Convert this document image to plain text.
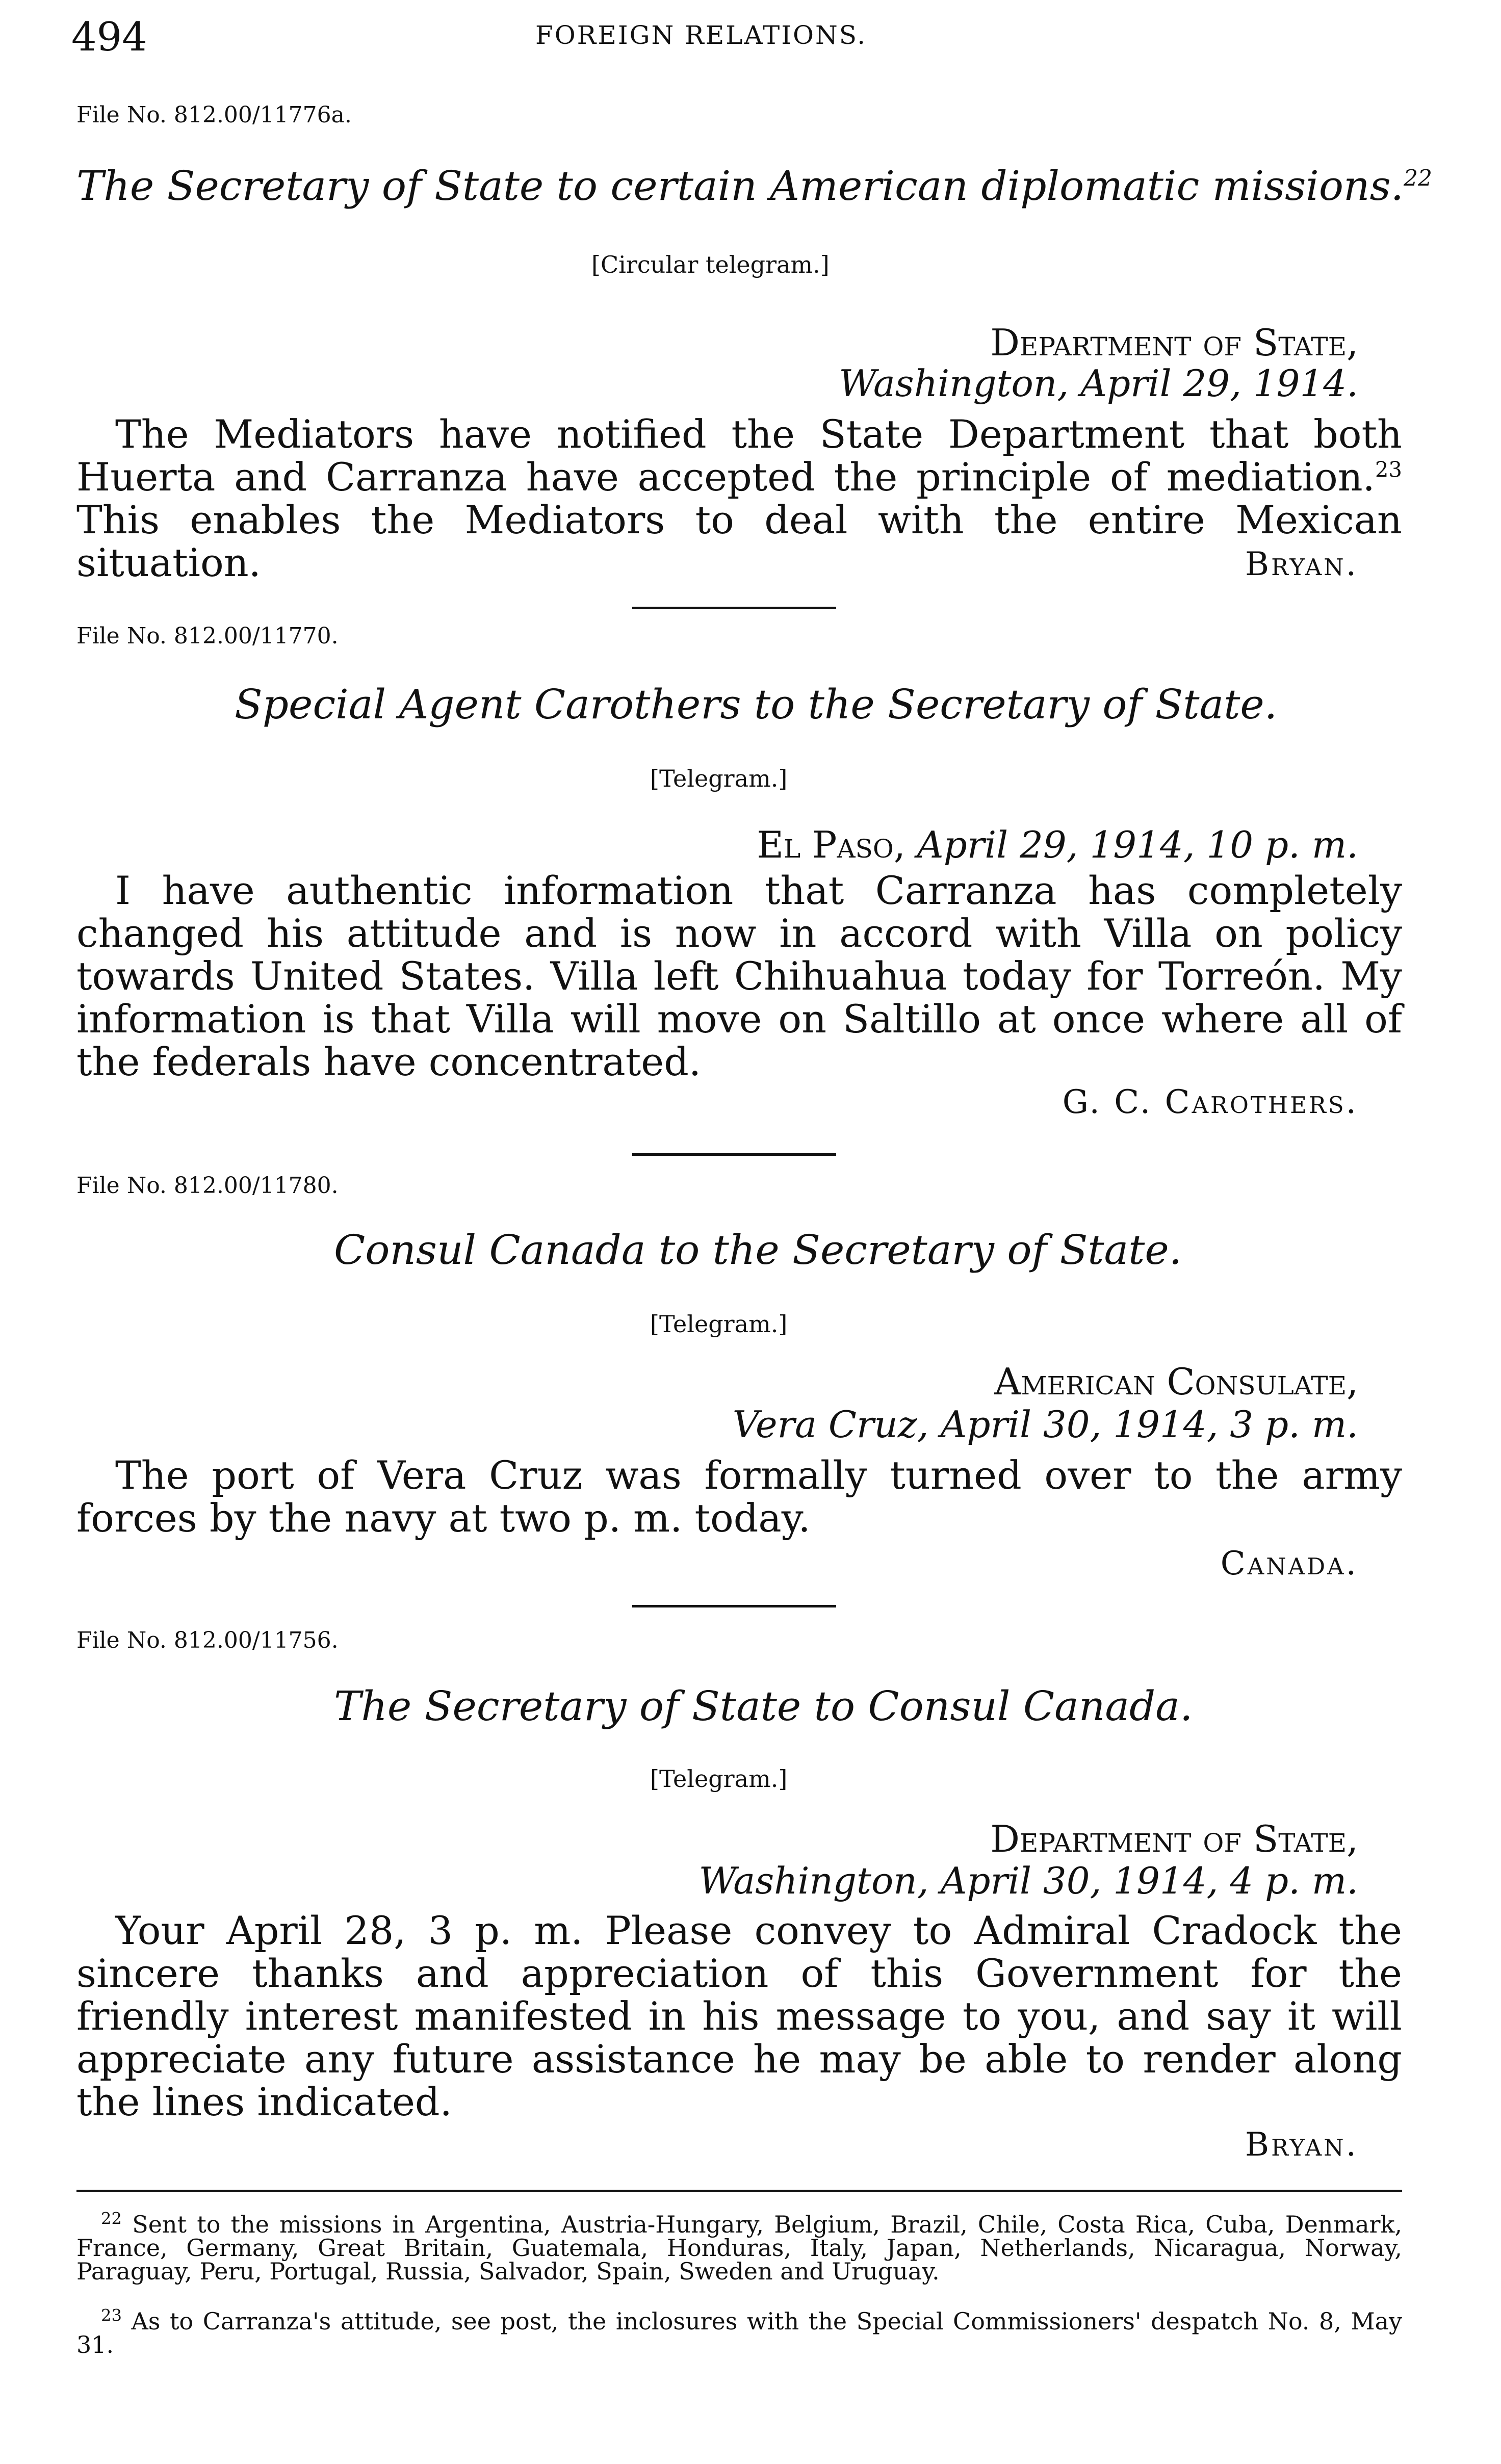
494	FOREIGN RELATIONS.
File No. 812.00/11776a.
The Secretary of State to certain American diplomatic missions.$^{22}$
[Circular telegram.]
Department of State,
Washington, April 29, 1914.
The Mediators have notified the State Department that both Huerta and Carranza have accepted the principle of mediation.$^{23}$ This enables the Mediators to deal with the entire Mexican situation.	Bryan.
File No. 812.00/11770.
Special Agent Carothers to the Secretary of State.
[Telegram.]
El Paso, April 29, 1914, 10 p. m.
I have authentic information that Carranza has completely changed his attitude and is now in accord with Villa on policy towards United States. Villa left Chihuahua today for Torreón. My information is that Villa will move on Saltillo at once where all of the federals have concentrated.
G. C. Carothers.
File No. 812.00/11780.
Consul Canada to the Secretary of State.
[Telegram.]
American Consulate,
Vera Cruz, April 30, 1914, 3 p. m.
The port of Vera Cruz was formally turned over to the army forces by the navy at two p. m. today.
Canada.
File No. 812.00/11756.
The Secretary of State to Consul Canada.
[Telegram.]
Department of State,
Washington, April 30, 1914, 4 p. m.
Your April 28, 3 p. m. Please convey to Admiral Cradock the sincere thanks and appreciation of this Government for the friendly interest manifested in his message to you, and say it will appreciate any future assistance he may be able to render along the lines indicated.
Bryan.
$^{22}$ Sent to the missions in Argentina, Austria-Hungary, Belgium, Brazil, Chile, Costa Rica, Cuba, Denmark, France, Germany, Great Britain, Guatemala, Honduras, Italy, Japan, Netherlands, Nicaragua, Norway, Paraguay, Peru, Portugal, Russia, Salvador, Spain, Sweden and Uruguay.
$^{23}$ As to Carranza's attitude, see post, the inclosures with the Special Commissioners' despatch No. 8, May 31.
